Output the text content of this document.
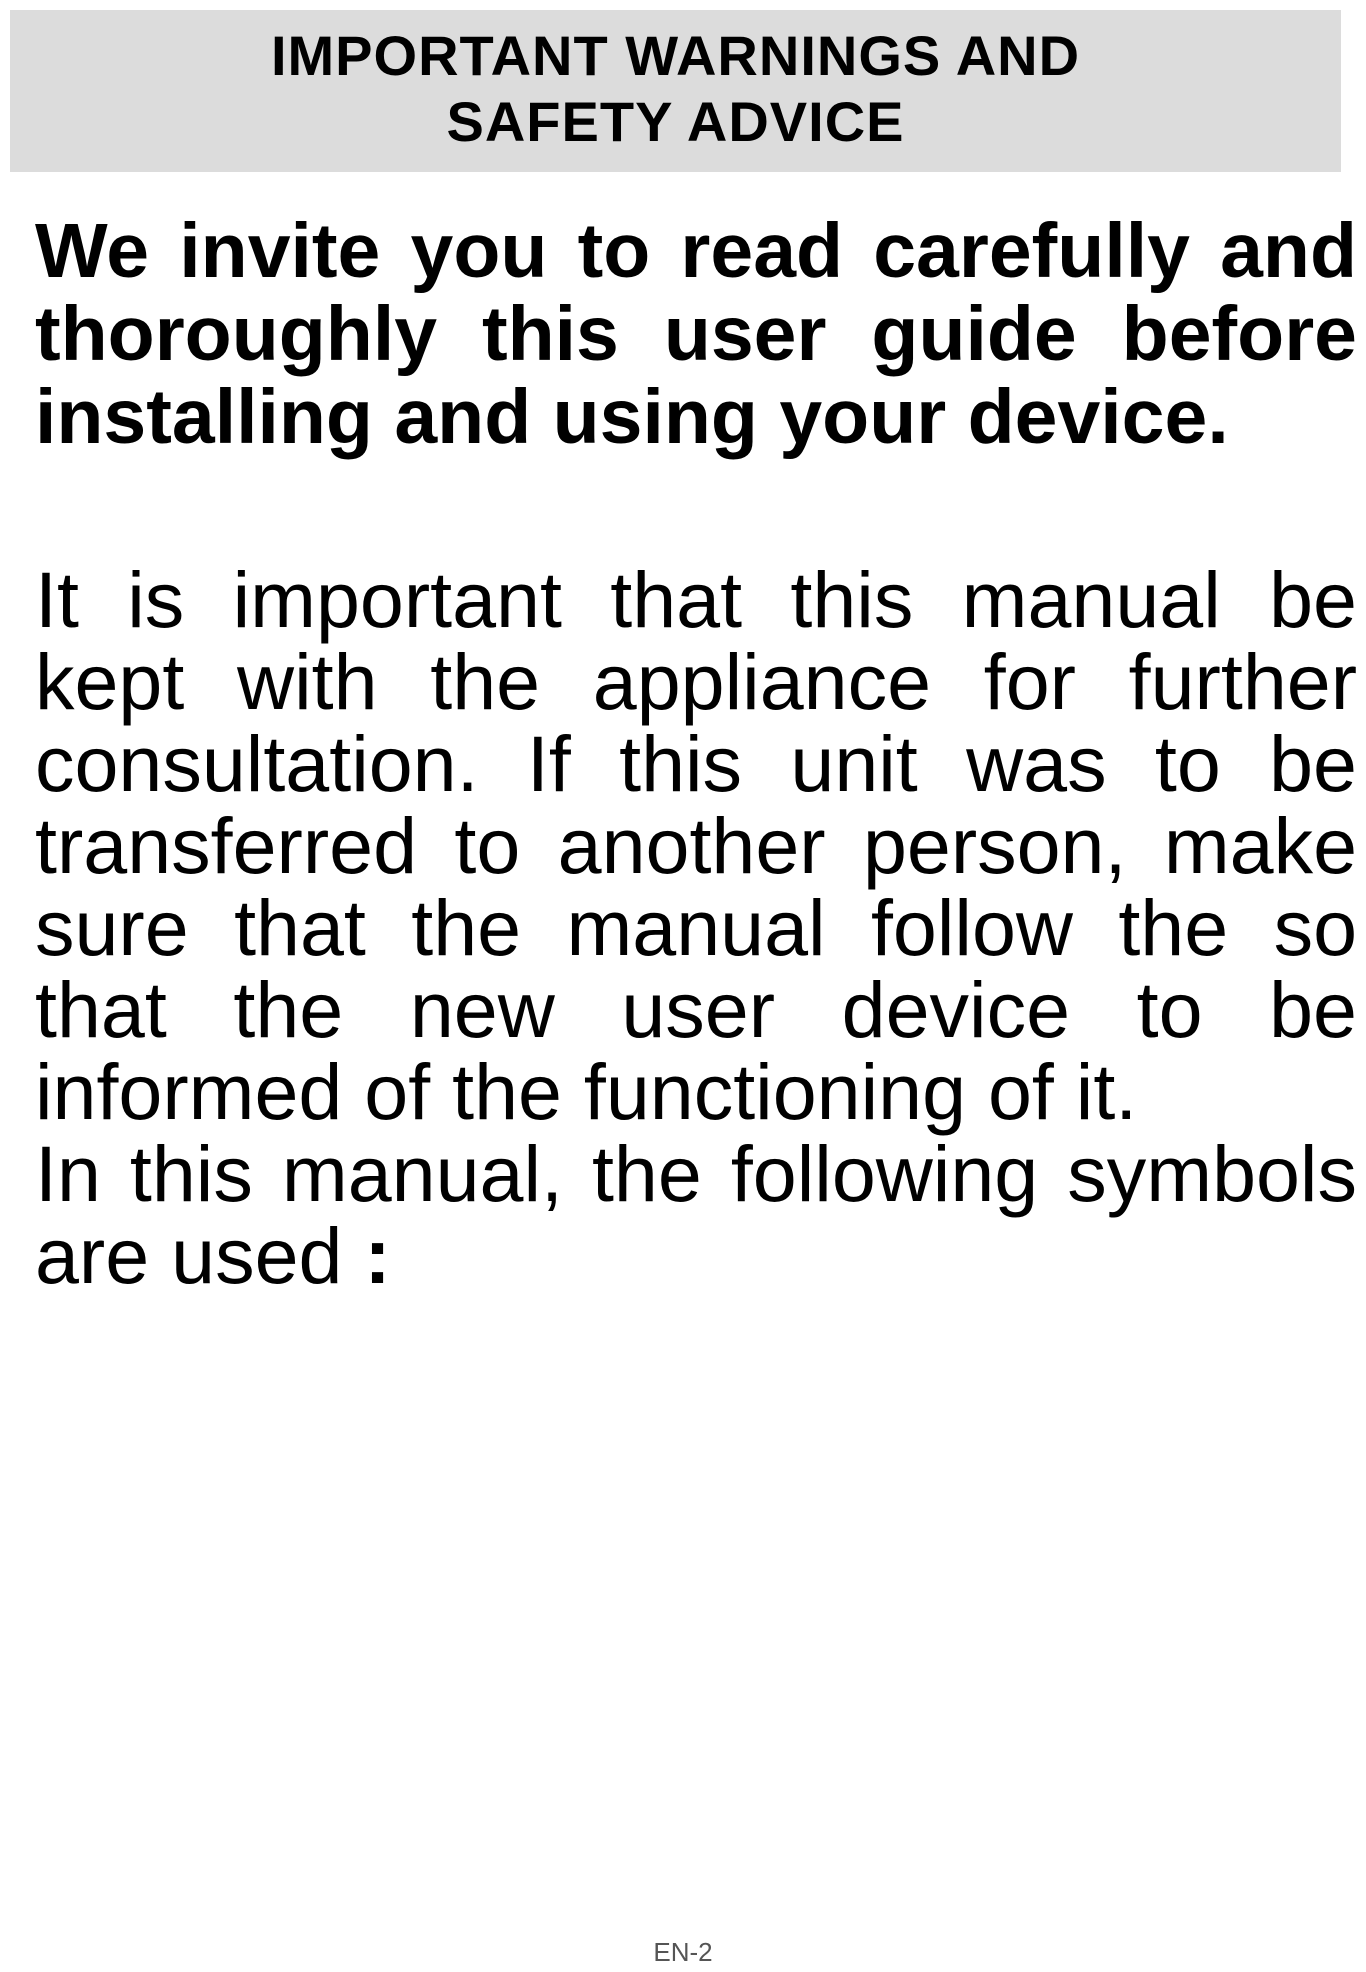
IMPORTANT WARNINGS AND
SAFETY ADVICE
We invite you to read carefully and
thoroughly this user guide before
installing and using your device.
It is important that this manual be
kept with the appliance for further
consultation. If this unit was to be
transferred to another person, make
sure that the manual follow the so
that the new user device to be
informed of the functioning of it.
In this manual, the following symbols
are used :
EN-2
